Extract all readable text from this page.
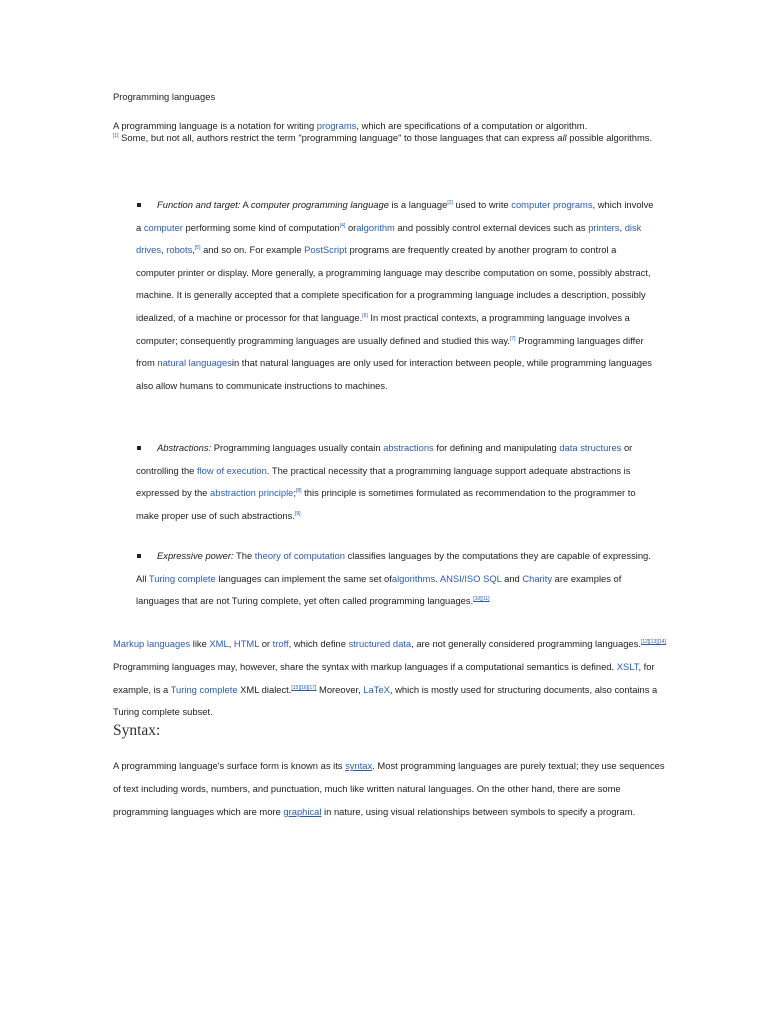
Programming languages
A programming language is a notation for writing programs, which are specifications of a computation or algorithm.
[1] Some, but not all, authors restrict the term "programming language" to those languages that can express all possible algorithms.
Function and target: A computer programming language is a language[2] used to write computer programs, which involve a computer performing some kind of computation[4] oralgorithm and possibly control external devices such as printers, disk drives, robots,[5] and so on. For example PostScript programs are frequently created by another program to control a computer printer or display. More generally, a programming language may describe computation on some, possibly abstract, machine. It is generally accepted that a complete specification for a programming language includes a description, possibly idealized, of a machine or processor for that language.[6] In most practical contexts, a programming language involves a computer; consequently programming languages are usually defined and studied this way.[7] Programming languages differ from natural languagesin that natural languages are only used for interaction between people, while programming languages also allow humans to communicate instructions to machines.
Abstractions: Programming languages usually contain abstractions for defining and manipulating data structures or controlling the flow of execution. The practical necessity that a programming language support adequate abstractions is expressed by the abstraction principle;[8] this principle is sometimes formulated as recommendation to the programmer to make proper use of such abstractions.[9]
Expressive power: The theory of computation classifies languages by the computations they are capable of expressing. All Turing complete languages can implement the same set ofalgorithms. ANSI/ISO SQL and Charity are examples of languages that are not Turing complete, yet often called programming languages.[10][11]
Markup languages like XML, HTML or troff, which define structured data, are not generally considered programming languages.[12][13][14] Programming languages may, however, share the syntax with markup languages if a computational semantics is defined. XSLT, for example, is a Turing complete XML dialect.[15][16][17] Moreover, LaTeX, which is mostly used for structuring documents, also contains a Turing complete subset.
Syntax:
A programming language's surface form is known as its syntax. Most programming languages are purely textual; they use sequences of text including words, numbers, and punctuation, much like written natural languages. On the other hand, there are some programming languages which are more graphical in nature, using visual relationships between symbols to specify a program.
